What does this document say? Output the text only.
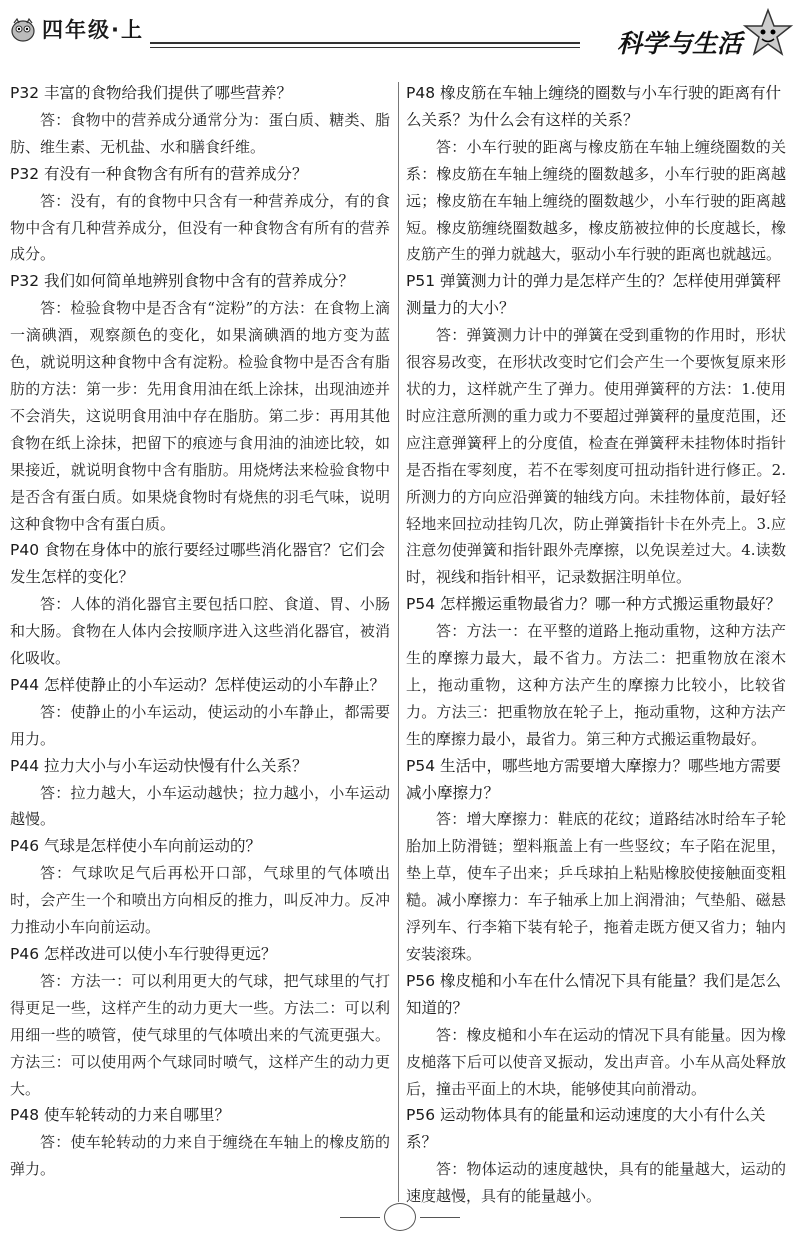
四年级·上	科学与生活

P32 丰富的食物给我们提供了哪些营养？

答：食物中的营养成分通常分为：蛋白质、糖类、脂肪、维生素、无机盐、水和膳食纤维。

P32 有没有一种食物含有所有的营养成分？

答：没有，有的食物中只含有一种营养成分，有的食物中含有几种营养成分，但没有一种食物含有所有的营养成分。

P32 我们如何简单地辨别食物中含有的营养成分？

答：检验食物中是否含有“淀粉”的方法：在食物上滴一滴碘酒，观察颜色的变化，如果滴碘酒的地方变为蓝色，就说明这种食物中含有淀粉。检验食物中是否含有脂肪的方法：第一步：先用食用油在纸上涂抹，出现油迹并不会消失，这说明食用油中存在脂肪。第二步：再用其他食物在纸上涂抹，把留下的痕迹与食用油的油迹比较，如果接近，就说明食物中含有脂肪。用烧烤法来检验食物中是否含有蛋白质。如果烧食物时有烧焦的羽毛气味，说明这种食物中含有蛋白质。

P40 食物在身体中的旅行要经过哪些消化器官？它们会发生怎样的变化？

答：人体的消化器官主要包括口腔、食道、胃、小肠和大肠。食物在人体内会按顺序进入这些消化器官，被消化吸收。

P44 怎样使静止的小车运动？怎样使运动的小车静止？

答：使静止的小车运动，使运动的小车静止，都需要用力。

P44 拉力大小与小车运动快慢有什么关系？

答：拉力越大，小车运动越快；拉力越小，小车运动越慢。

P46 气球是怎样使小车向前运动的？

答：气球吹足气后再松开口部，气球里的气体喷出时，会产生一个和喷出方向相反的推力，叫反冲力。反冲力推动小车向前运动。

P46 怎样改进可以使小车行驶得更远？

答：方法一：可以利用更大的气球，把气球里的气打得更足一些，这样产生的动力更大一些。方法二：可以利用细一些的喷管，使气球里的气体喷出来的气流更强大。方法三：可以使用两个气球同时喷气，这样产生的动力更大。

P48 使车轮转动的力来自哪里？

答：使车轮转动的力来自于缠绕在车轴上的橡皮筋的弹力。

P48 橡皮筋在车轴上缠绕的圈数与小车行驶的距离有什么关系？为什么会有这样的关系？

答：小车行驶的距离与橡皮筋在车轴上缠绕圈数的关系：橡皮筋在车轴上缠绕的圈数越多，小车行驶的距离越远；橡皮筋在车轴上缠绕的圈数越少，小车行驶的距离越短。橡皮筋缠绕圈数越多，橡皮筋被拉伸的长度越长，橡皮筋产生的弹力就越大，驱动小车行驶的距离也就越远。

P51 弹簧测力计的弹力是怎样产生的？怎样使用弹簧秤测量力的大小？

答：弹簧测力计中的弹簧在受到重物的作用时，形状很容易改变，在形状改变时它们会产生一个要恢复原来形状的力，这样就产生了弹力。使用弹簧秤的方法：1.使用时应注意所测的重力或力不要超过弹簧秤的量度范围，还应注意弹簧秤上的分度值，检查在弹簧秤未挂物体时指针是否指在零刻度，若不在零刻度可扭动指针进行修正。2.所测力的方向应沿弹簧的轴线方向。未挂物体前，最好轻轻地来回拉动挂钩几次，防止弹簧指针卡在外壳上。3.应注意勿使弹簧和指针跟外壳摩擦，以免误差过大。4.读数时，视线和指针相平，记录数据注明单位。

P54 怎样搬运重物最省力？哪一种方式搬运重物最好？

答：方法一：在平整的道路上拖动重物，这种方法产生的摩擦力最大，最不省力。方法二：把重物放在滚木上，拖动重物，这种方法产生的摩擦力比较小，比较省力。方法三：把重物放在轮子上，拖动重物，这种方法产生的摩擦力最小，最省力。第三种方式搬运重物最好。

P54 生活中，哪些地方需要增大摩擦力？哪些地方需要减小摩擦力？

答：增大摩擦力：鞋底的花纹；道路结冰时给车子轮胎加上防滑链；塑料瓶盖上有一些竖纹；车子陷在泥里，垫上草，使车子出来；乒乓球拍上粘贴橡胶使接触面变粗糙。减小摩擦力：车子轴承上加上润滑油；气垫船、磁悬浮列车、行李箱下装有轮子，拖着走既方便又省力；轴内安装滚珠。

P56 橡皮槌和小车在什么情况下具有能量？我们是怎么知道的？

答：橡皮槌和小车在运动的情况下具有能量。因为橡皮槌落下后可以使音叉振动，发出声音。小车从高处释放后，撞击平面上的木块，能够使其向前滑动。

P56 运动物体具有的能量和运动速度的大小有什么关系？

答：物体运动的速度越快，具有的能量越大，运动的速度越慢，具有的能量越小。
